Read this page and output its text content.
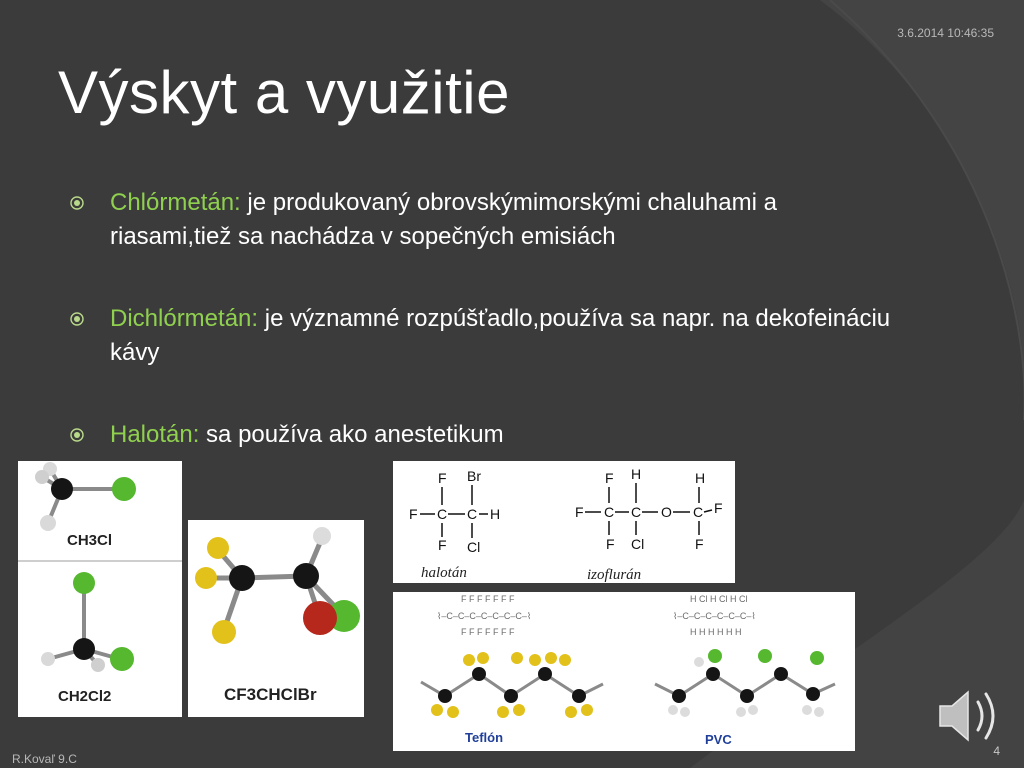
3.6.2014 10:46:35
Výskyt a využitie
Chlórmetán: je produkovaný obrovskýmimorskými chaluhami a riasami,tiež sa nachádza v sopečných emisiách
Dichlórmetán: je významné rozpúšťadlo,používa sa napr. na dekofeináciu kávy
Halotán: sa používa ako anestetikum
CH3Cl
CH2Cl2	CF3CHClBr
F Br
F C C H
F Cl
F H	H
F C C O C F
F Cl	F
halotán	izoflurán
F F F F F F F
⌇–C–C–C–C–C–C–C–⌇
F F F F F F F
H Cl H Cl H Cl
⌇–C–C–C–C–C–C–⌇
H H H H H H
Teflón	PVC
R.Kovaľ 9.C
4
